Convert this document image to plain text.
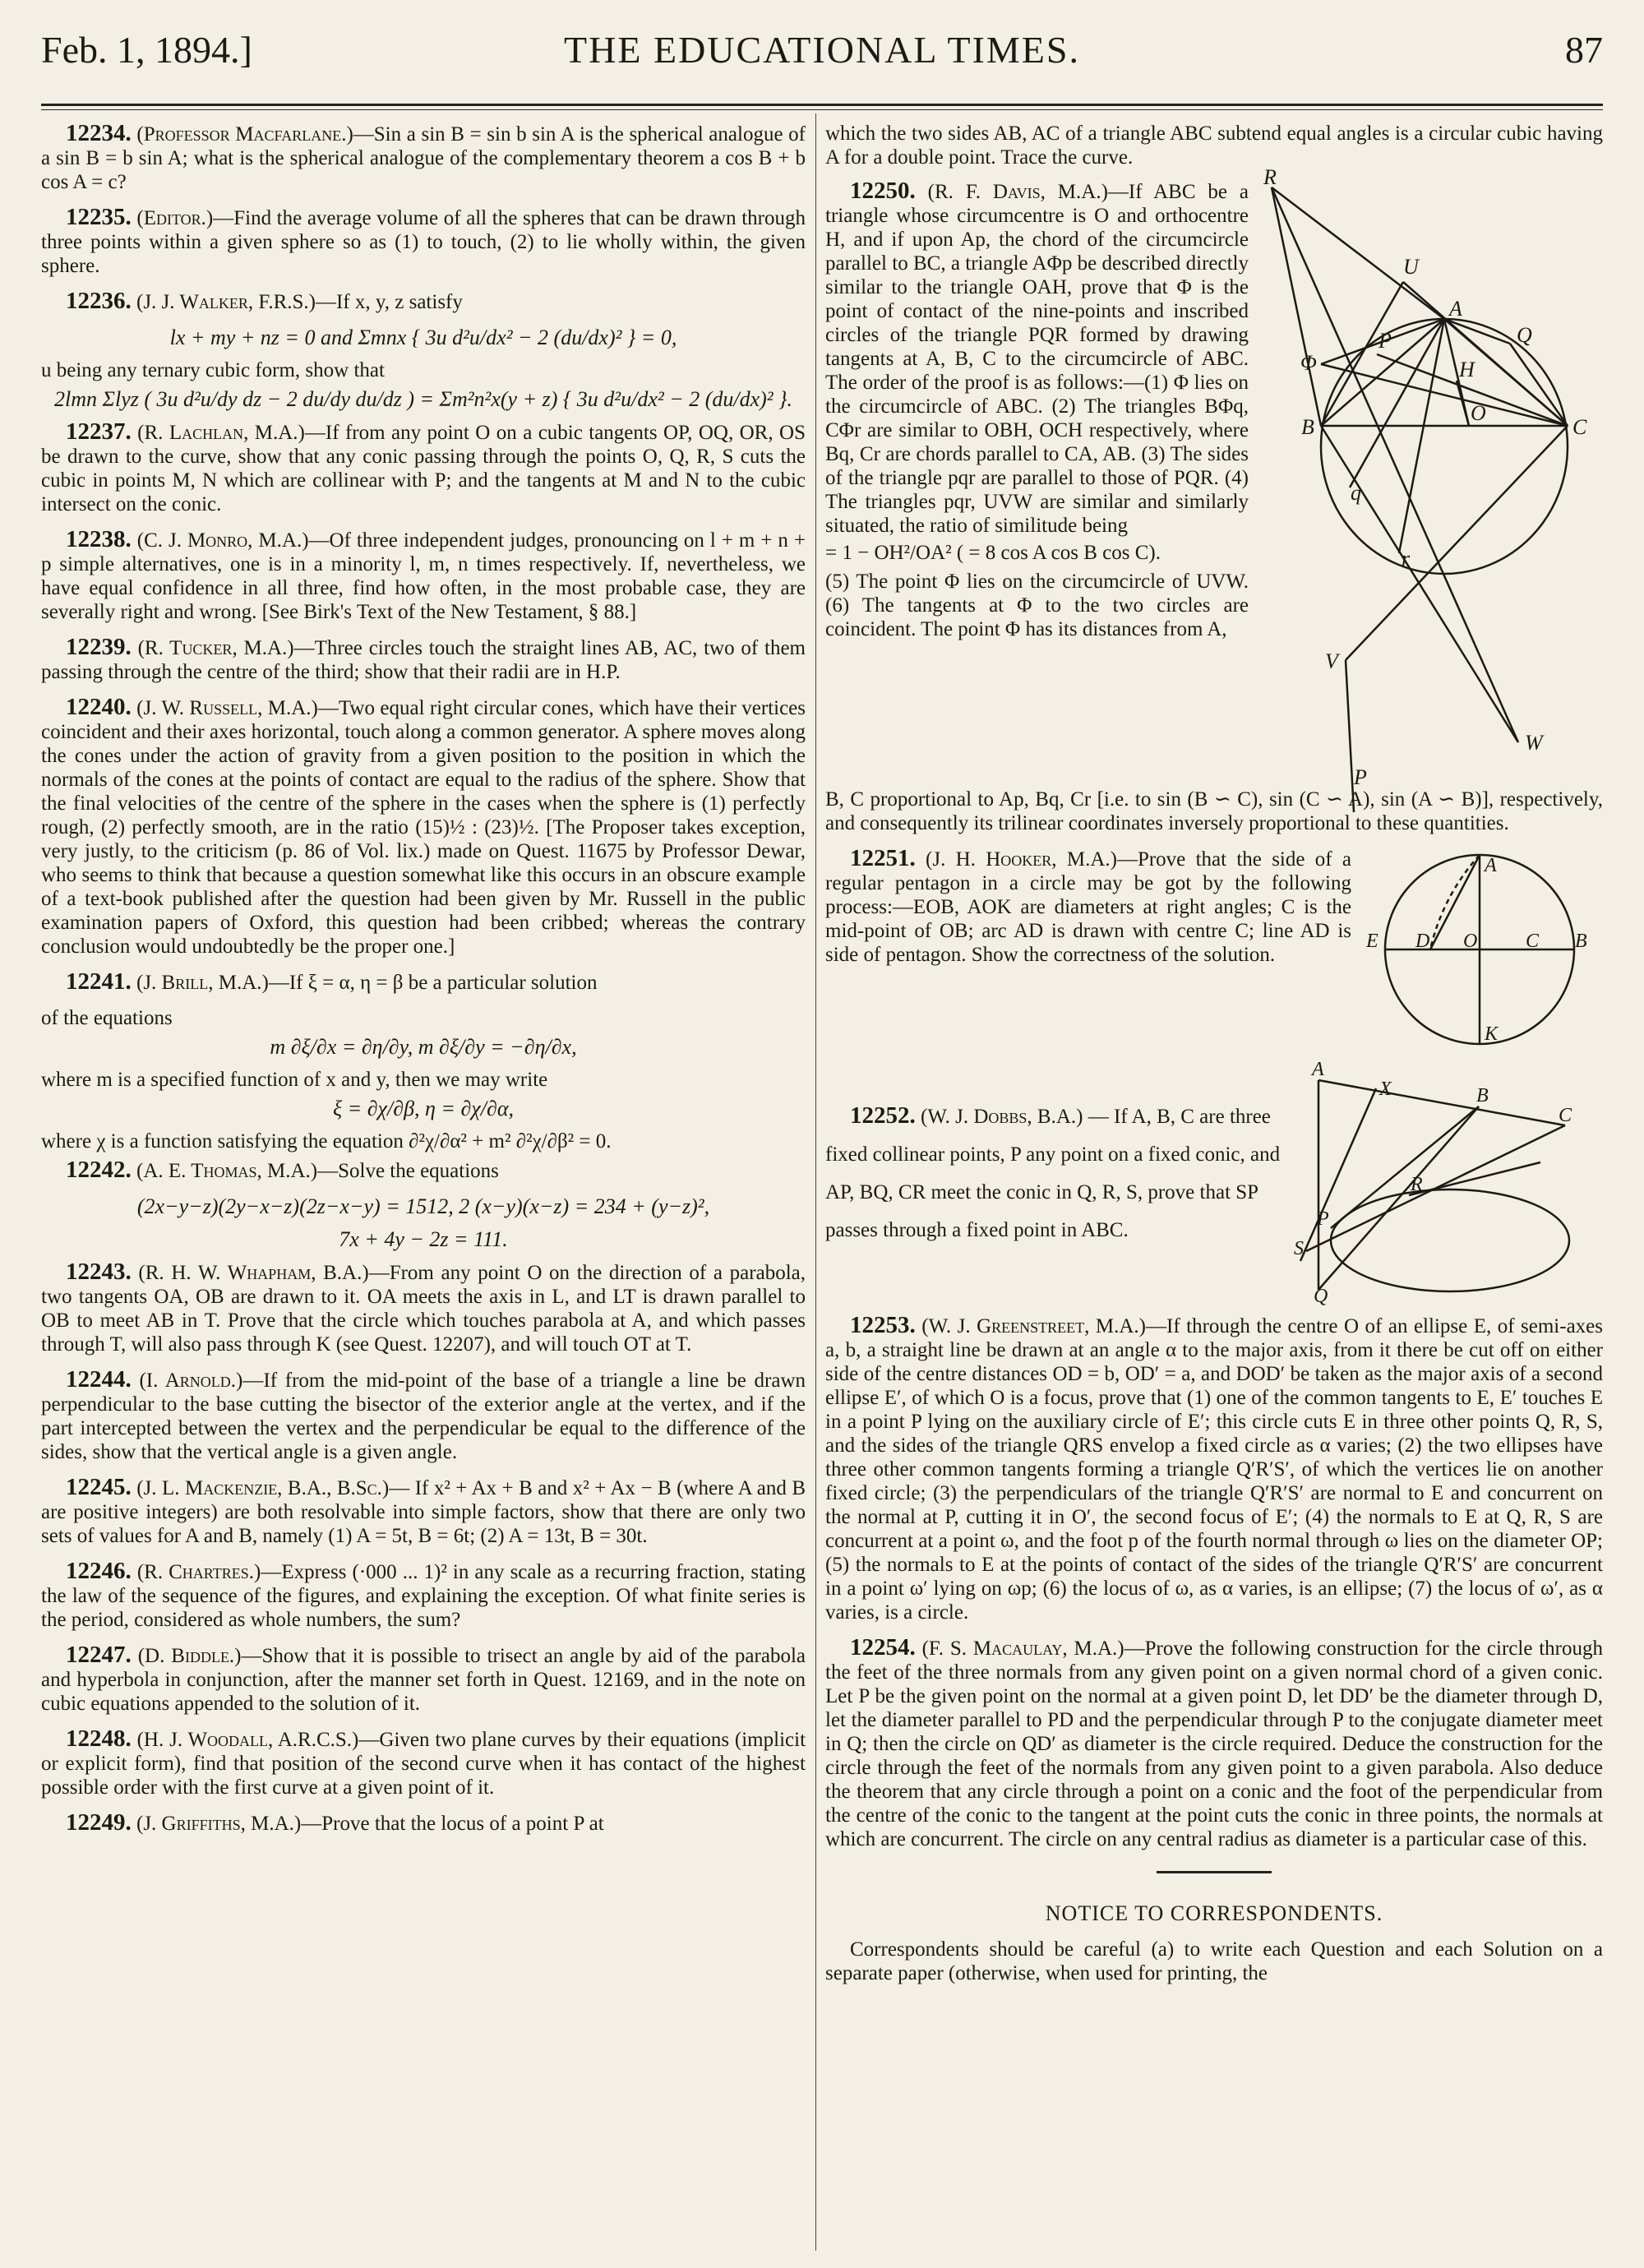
Feb. 1, 1894.]	THE EDUCATIONAL TIMES.	87

12234. (Professor Macfarlane.)—Sin a sin B = sin b sin A is the spherical analogue of a sin B = b sin A; what is the spherical analogue of the complementary theorem a cos B + b cos A = c?

12235. (Editor.)—Find the average volume of all the spheres that can be drawn through three points within a given sphere so as (1) to touch, (2) to lie wholly within, the given sphere.

12236. (J. J. Walker, F.R.S.)—If x, y, z satisfy

lx + my + nz = 0 and Σmnx { 3u d²u/dx² − 2 (du/dx)² } = 0,

u being any ternary cubic form, show that

2lmn Σlyz ( 3u d²u/dy dz − 2 du/dy du/dz ) = Σm²n²x(y + z) { 3u d²u/dx² − 2 (du/dx)² }.

12237. (R. Lachlan, M.A.)—If from any point O on a cubic tangents OP, OQ, OR, OS be drawn to the curve, show that any conic passing through the points O, Q, R, S cuts the cubic in points M, N which are collinear with P; and the tangents at M and N to the cubic intersect on the conic.

12238. (C. J. Monro, M.A.)—Of three independent judges, pronouncing on l + m + n + p simple alternatives, one is in a minority l, m, n times respectively. If, nevertheless, we have equal confidence in all three, find how often, in the most probable case, they are severally right and wrong. [See Birk's Text of the New Testament, § 88.]

12239. (R. Tucker, M.A.)—Three circles touch the straight lines AB, AC, two of them passing through the centre of the third; show that their radii are in H.P.

12240. (J. W. Russell, M.A.)—Two equal right circular cones, which have their vertices coincident and their axes horizontal, touch along a common generator. A sphere moves along the cones under the action of gravity from a given position to the position in which the normals of the cones at the points of contact are equal to the radius of the sphere. Show that the final velocities of the centre of the sphere in the cases when the sphere is (1) perfectly rough, (2) perfectly smooth, are in the ratio (15)½ : (23)½. [The Proposer takes exception, very justly, to the criticism (p. 86 of Vol. lix.) made on Quest. 11675 by Professor Dewar, who seems to think that because a question somewhat like this occurs in an obscure example of a text-book published after the question had been given by Mr. Russell in the public examination papers of Oxford, this question had been cribbed; whereas the contrary conclusion would undoubtedly be the proper one.]

12241. (J. Brill, M.A.)—If ξ = α, η = β be a particular solution

of the equations

m ∂ξ/∂x = ∂η/∂y, m ∂ξ/∂y = −∂η/∂x,

where m is a specified function of x and y, then we may write

ξ = ∂χ/∂β, η = ∂χ/∂α,

where χ is a function satisfying the equation ∂²χ/∂α² + m² ∂²χ/∂β² = 0.

12242. (A. E. Thomas, M.A.)—Solve the equations

(2x−y−z)(2y−x−z)(2z−x−y) = 1512, 2 (x−y)(x−z) = 234 + (y−z)²,
7x + 4y − 2z = 111.

12243. (R. H. W. Whapham, B.A.)—From any point O on the direction of a parabola, two tangents OA, OB are drawn to it. OA meets the axis in L, and LT is drawn parallel to OB to meet AB in T. Prove that the circle which touches parabola at A, and which passes through T, will also pass through K (see Quest. 12207), and will touch OT at T.

12244. (I. Arnold.)—If from the mid-point of the base of a triangle a line be drawn perpendicular to the base cutting the bisector of the exterior angle at the vertex, and if the part intercepted between the vertex and the perpendicular be equal to the difference of the sides, show that the vertical angle is a given angle.

12245. (J. L. Mackenzie, B.A., B.Sc.)— If x² + Ax + B and x² + Ax − B (where A and B are positive integers) are both resolvable into simple factors, show that there are only two sets of values for A and B, namely (1) A = 5t, B = 6t; (2) A = 13t, B = 30t.

12246. (R. Chartres.)—Express (·000 ... 1)² in any scale as a recurring fraction, stating the law of the sequence of the figures, and explaining the exception. Of what finite series is the period, considered as whole numbers, the sum?

12247. (D. Biddle.)—Show that it is possible to trisect an angle by aid of the parabola and hyperbola in conjunction, after the manner set forth in Quest. 12169, and in the note on cubic equations appended to the solution of it.

12248. (H. J. Woodall, A.R.C.S.)—Given two plane curves by their equations (implicit or explicit form), find that position of the second curve when it has contact of the highest possible order with the first curve at a given point of it.

12249. (J. Griffiths, M.A.)—Prove that the locus of a point P at

which the two sides AB, AC of a triangle ABC subtend equal angles is a circular cubic having A for a double point. Trace the curve.

12250. (R. F. Davis, M.A.)—If ABC be a triangle whose circumcentre is O and orthocentre H, and if upon Ap, the chord of the circumcircle parallel to BC, a triangle AΦp be described directly similar to the triangle OAH, prove that Φ is the point of contact of the nine-points and inscribed circles of the triangle PQR formed by drawing tangents at A, B, C to the circumcircle of ABC. The order of the proof is as follows:—(1) Φ lies on the circumcircle of ABC. (2) The triangles BΦq, CΦr are similar to OBH, OCH respectively, where Bq, Cr are chords parallel to CA, AB. (3) The sides of the triangle pqr are parallel to those of PQR. (4) The triangles pqr, UVW are similar and similarly situated, the ratio of similitude being

= 1 − OH²/OA² ( = 8 cos A cos B cos C).

(5) The point Φ lies on the circumcircle of UVW. (6) The tangents at Φ to the two circles are coincident. The point Φ has its distances from A,

R
U
A
Φ
P	Q
H
O
B	C
q
r
V
W
P

B, C proportional to Ap, Bq, Cr [i.e. to sin (B ∽ C), sin (C ∽ A), sin (A ∽ B)], respectively, and consequently its trilinear coordinates inversely proportional to these quantities.

12251. (J. H. Hooker, M.A.)—Prove that the side of a regular pentagon in a circle may be got by the following process:—EOB, AOK are diameters at right angles; C is the mid-point of OB; arc AD is drawn with centre C; line AD is side of pentagon. Show the correctness of the solution.

A
E D O C B
K

12252. (W. J. Dobbs, B.A.) — If A, B, C are three fixed collinear points, P any point on a fixed conic, and AP, BQ, CR meet the conic in Q, R, S, prove that SP passes through a fixed point in ABC.

A
X	B
C
R
P
S
Q

12253. (W. J. Greenstreet, M.A.)—If through the centre O of an ellipse E, of semi-axes a, b, a straight line be drawn at an angle α to the major axis, from it there be cut off on either side of the centre distances OD = b, OD′ = a, and DOD′ be taken as the major axis of a second ellipse E′, of which O is a focus, prove that (1) one of the common tangents to E, E′ touches E in a point P lying on the auxiliary circle of E′; this circle cuts E in three other points Q, R, S, and the sides of the triangle QRS envelop a fixed circle as α varies; (2) the two ellipses have three other common tangents forming a triangle Q′R′S′, of which the vertices lie on another fixed circle; (3) the perpendiculars of the triangle Q′R′S′ are normal to E and concurrent on the normal at P, cutting it in O′, the second focus of E′; (4) the normals to E at Q, R, S are concurrent at a point ω, and the foot p of the fourth normal through ω lies on the diameter OP; (5) the normals to E at the points of contact of the sides of the triangle Q′R′S′ are concurrent in a point ω′ lying on ωp; (6) the locus of ω, as α varies, is an ellipse; (7) the locus of ω′, as α varies, is a circle.

12254. (F. S. Macaulay, M.A.)—Prove the following construction for the circle through the feet of the three normals from any given point on a given normal chord of a given conic. Let P be the given point on the normal at a given point D, let DD′ be the diameter through D, let the diameter parallel to PD and the perpendicular through P to the conjugate diameter meet in Q; then the circle on QD′ as diameter is the circle required. Deduce the construction for the circle through the feet of the normals from any given point to a given parabola. Also deduce the theorem that any circle through a point on a conic and the foot of the perpendicular from the centre of the conic to the tangent at the point cuts the conic in three points, the normals at which are concurrent. The circle on any central radius as diameter is a particular case of this.

NOTICE TO CORRESPONDENTS.

Correspondents should be careful (a) to write each Question and each Solution on a separate paper (otherwise, when used for printing, the
